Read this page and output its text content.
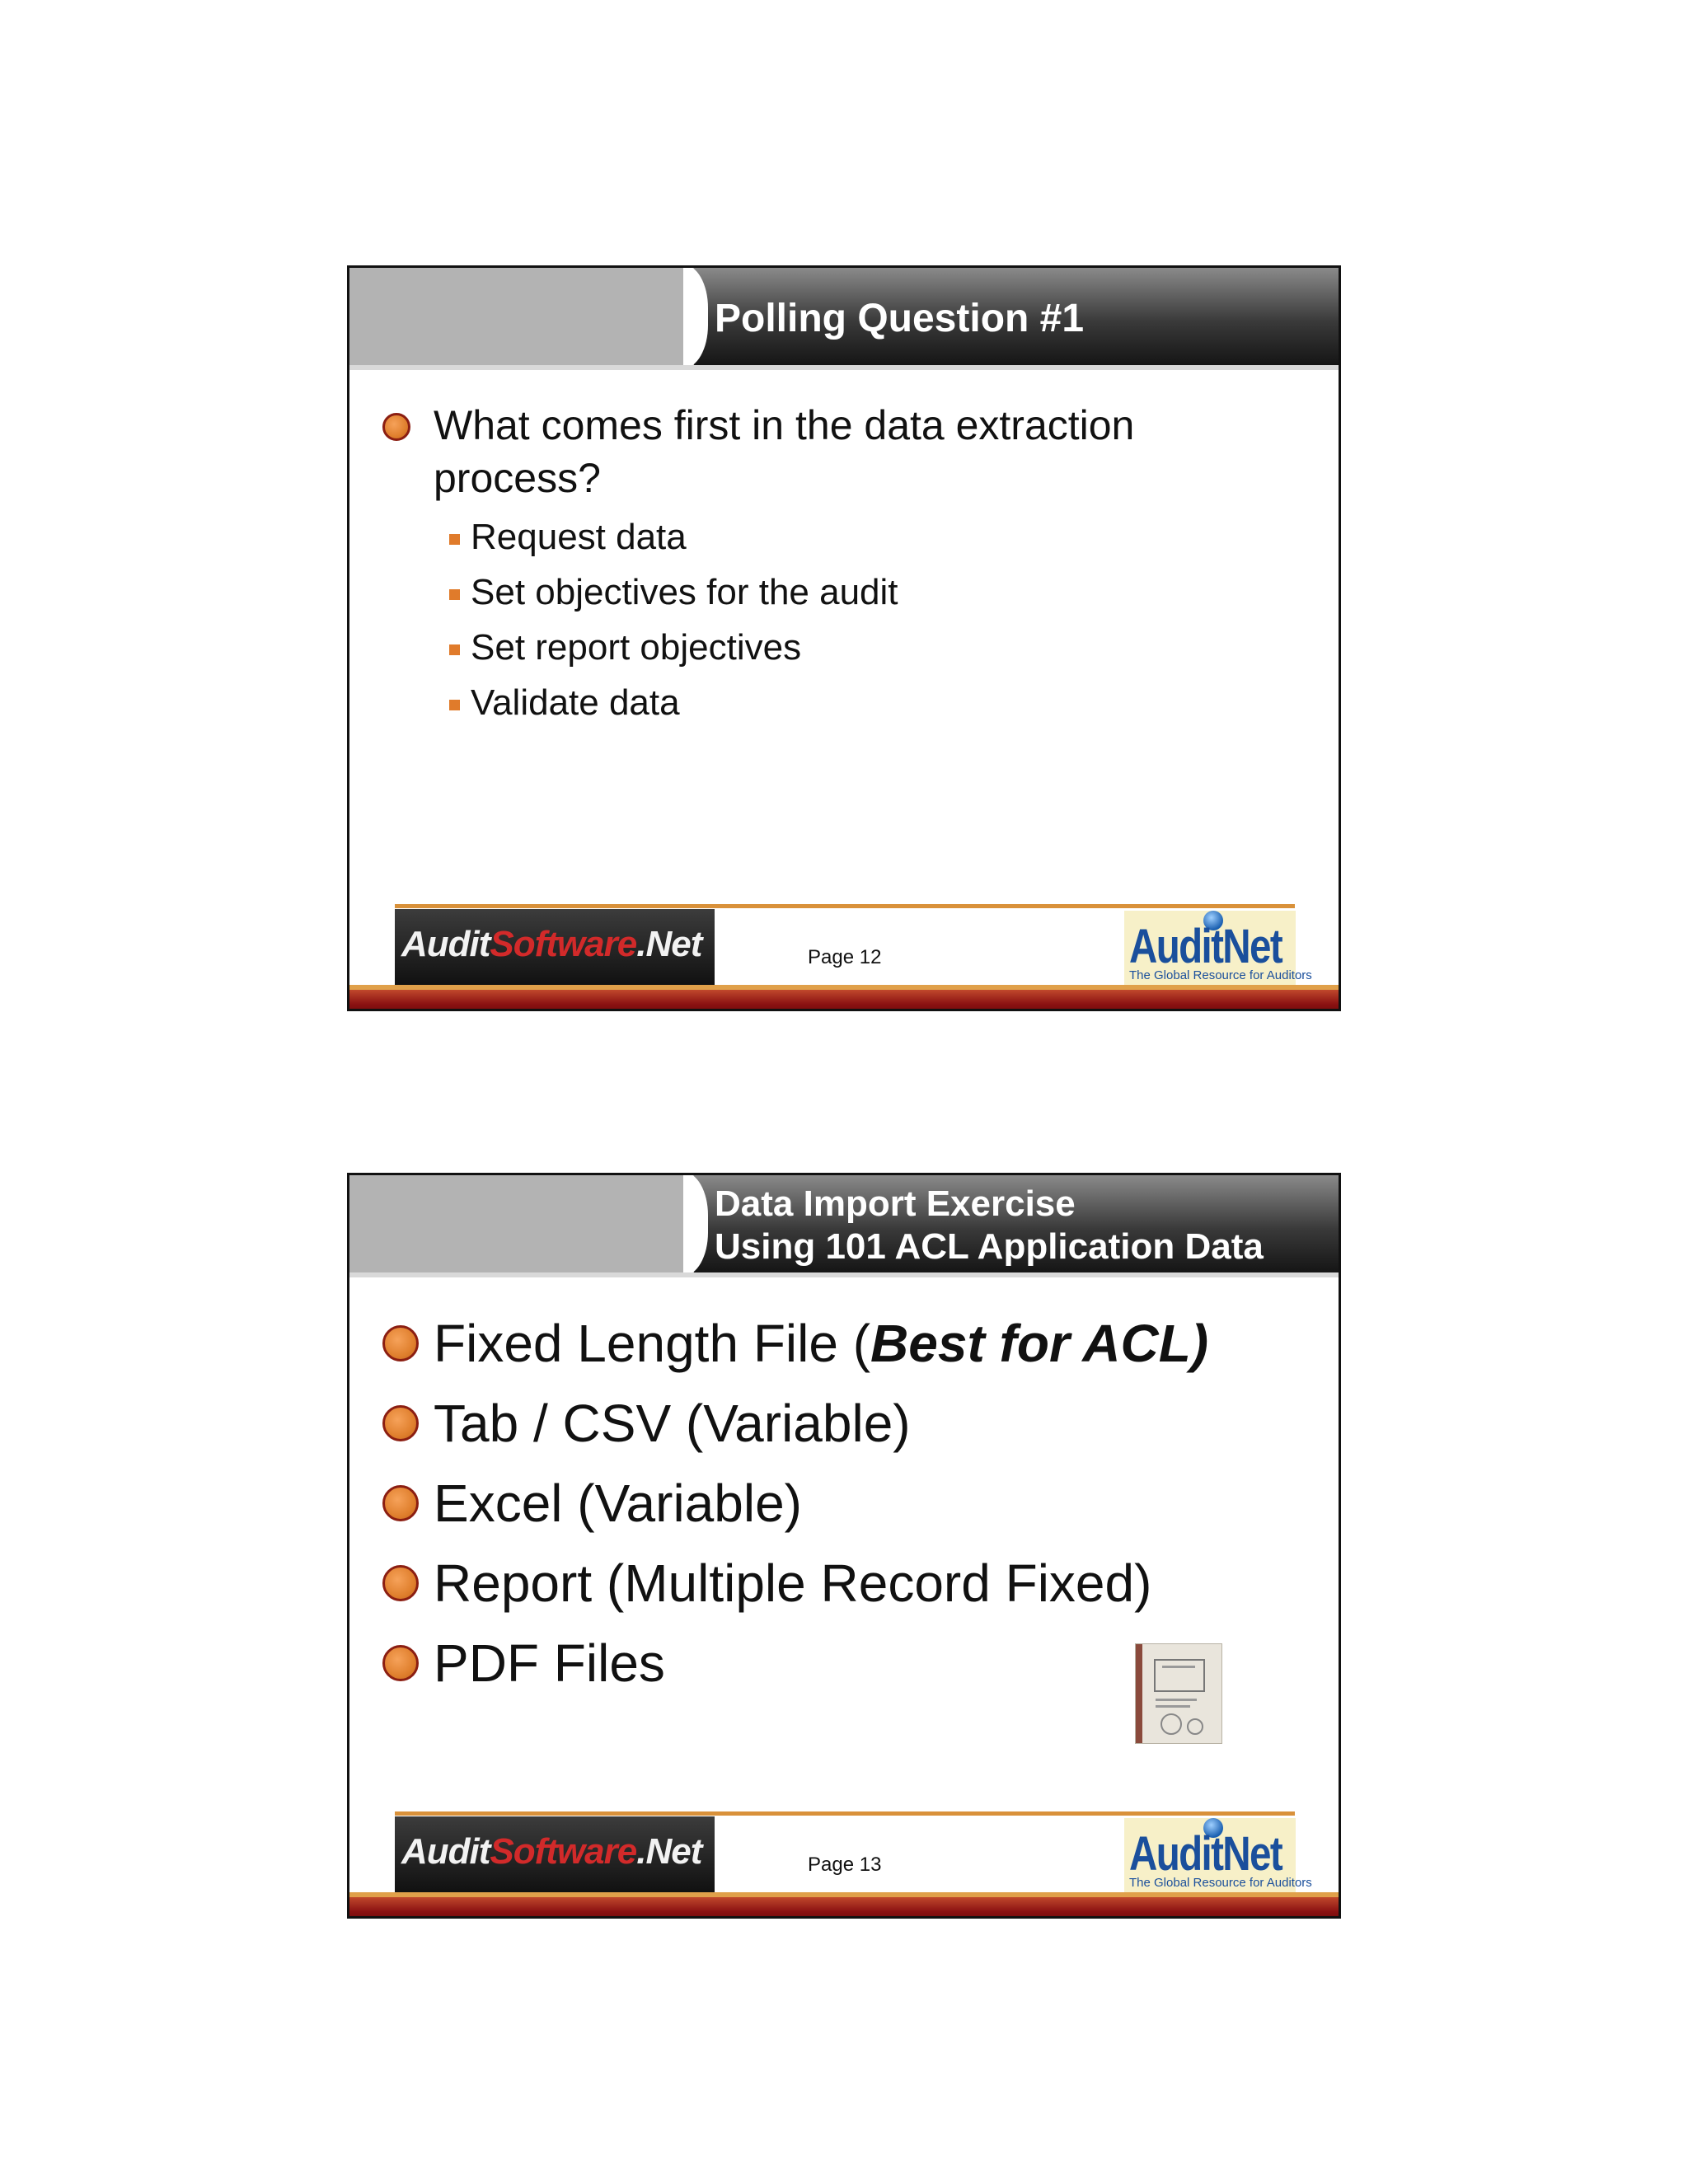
Polling Question #1
What comes first in the data extraction
process?
Request data
Set objectives for the audit
Set report objectives
Validate data
AuditSoftware.Net	Page 12	AuditNet
The Global Resource for Auditors
Data Import Exercise
Using 101 ACL Application Data
Fixed Length File (Best for ACL)
Tab / CSV (Variable)
Excel (Variable)
Report (Multiple Record Fixed)
PDF Files
AuditSoftware.Net	Page 13	AuditNet
The Global Resource for Auditors
